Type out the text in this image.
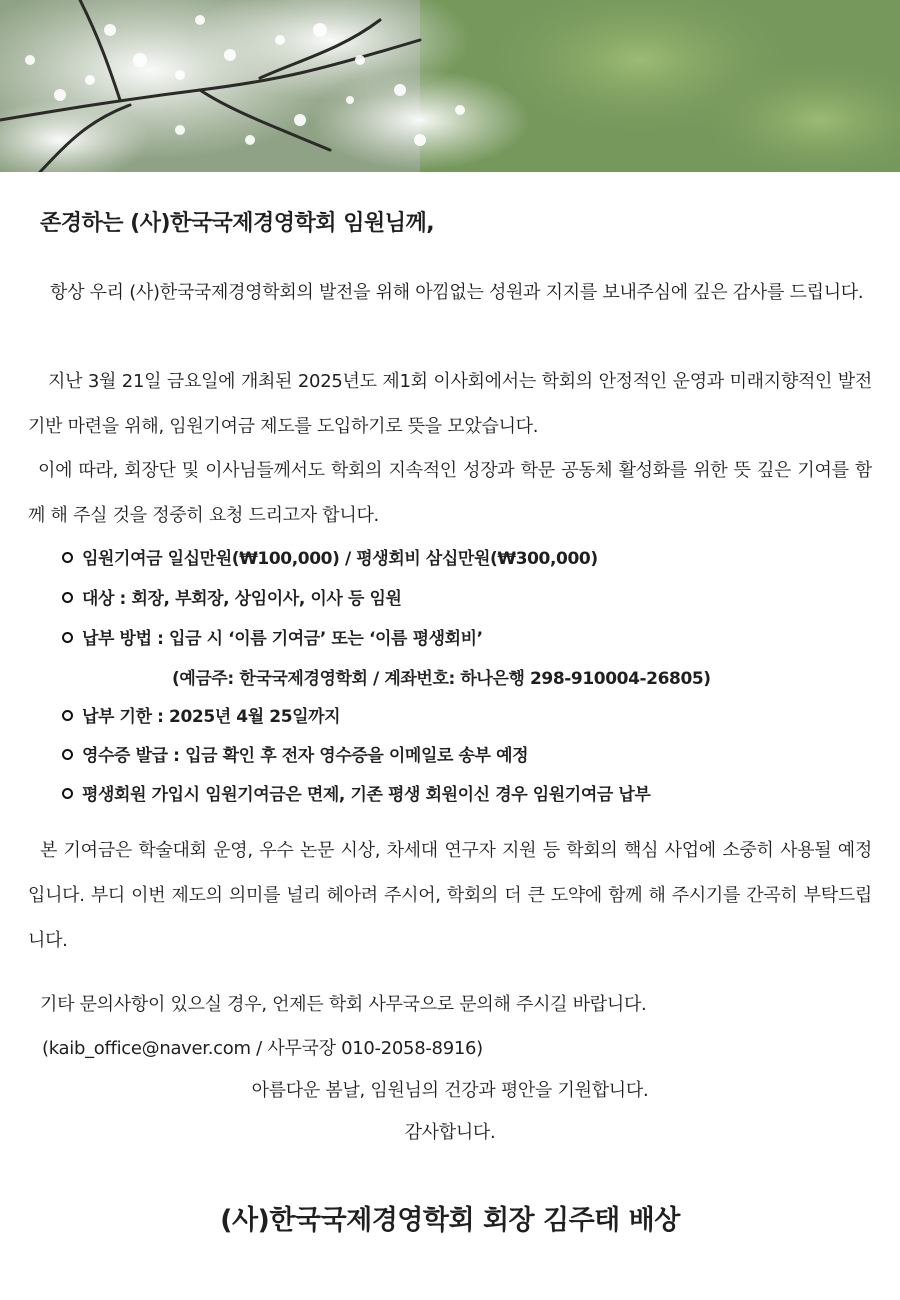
존경하는 (사)한국국제경영학회 임원님께,

항상 우리 (사)한국국제경영학회의 발전을 위해 아낌없는 성원과 지지를 보내주심에 깊은 감사를 드립니다.

지난 3월 21일 금요일에 개최된 2025년도 제1회 이사회에서는 학회의 안정적인 운영과 미래지향적인 발전 기반 마련을 위해, 임원기여금 제도를 도입하기로 뜻을 모았습니다.

이에 따라, 회장단 및 이사님들께서도 학회의 지속적인 성장과 학문 공동체 활성화를 위한 뜻 깊은 기여를 함께 해 주실 것을 정중히 요청 드리고자 합니다.

임원기여금 일십만원(₩100,000) / 평생회비 삼십만원(₩300,000)
대상 : 회장, 부회장, 상임이사, 이사 등 임원
납부 방법 : 입금 시 ‘이름 기여금’ 또는 ‘이름 평생회비’
납부 기한 : 2025년 4월 25일까지
영수증 발급 : 입금 확인 후 전자 영수증을 이메일로 송부 예정
평생회원 가입시 임원기여금은 면제, 기존 평생 회원이신 경우 임원기여금 납부
(예금주: 한국국제경영학회 / 계좌번호: 하나은행 298-910004-26805)

본 기여금은 학술대회 운영, 우수 논문 시상, 차세대 연구자 지원 등 학회의 핵심 사업에 소중히 사용될 예정입니다. 부디 이번 제도의 의미를 널리 헤아려 주시어, 학회의 더 큰 도약에 함께 해 주시기를 간곡히 부탁드립니다.

기타 문의사항이 있으실 경우, 언제든 학회 사무국으로 문의해 주시길 바랍니다.
(kaib_office@naver.com / 사무국장 010-2058-8916)
아름다운 봄날, 임원님의 건강과 평안을 기원합니다.
감사합니다.
(사)한국국제경영학회 회장 김주태 배상
